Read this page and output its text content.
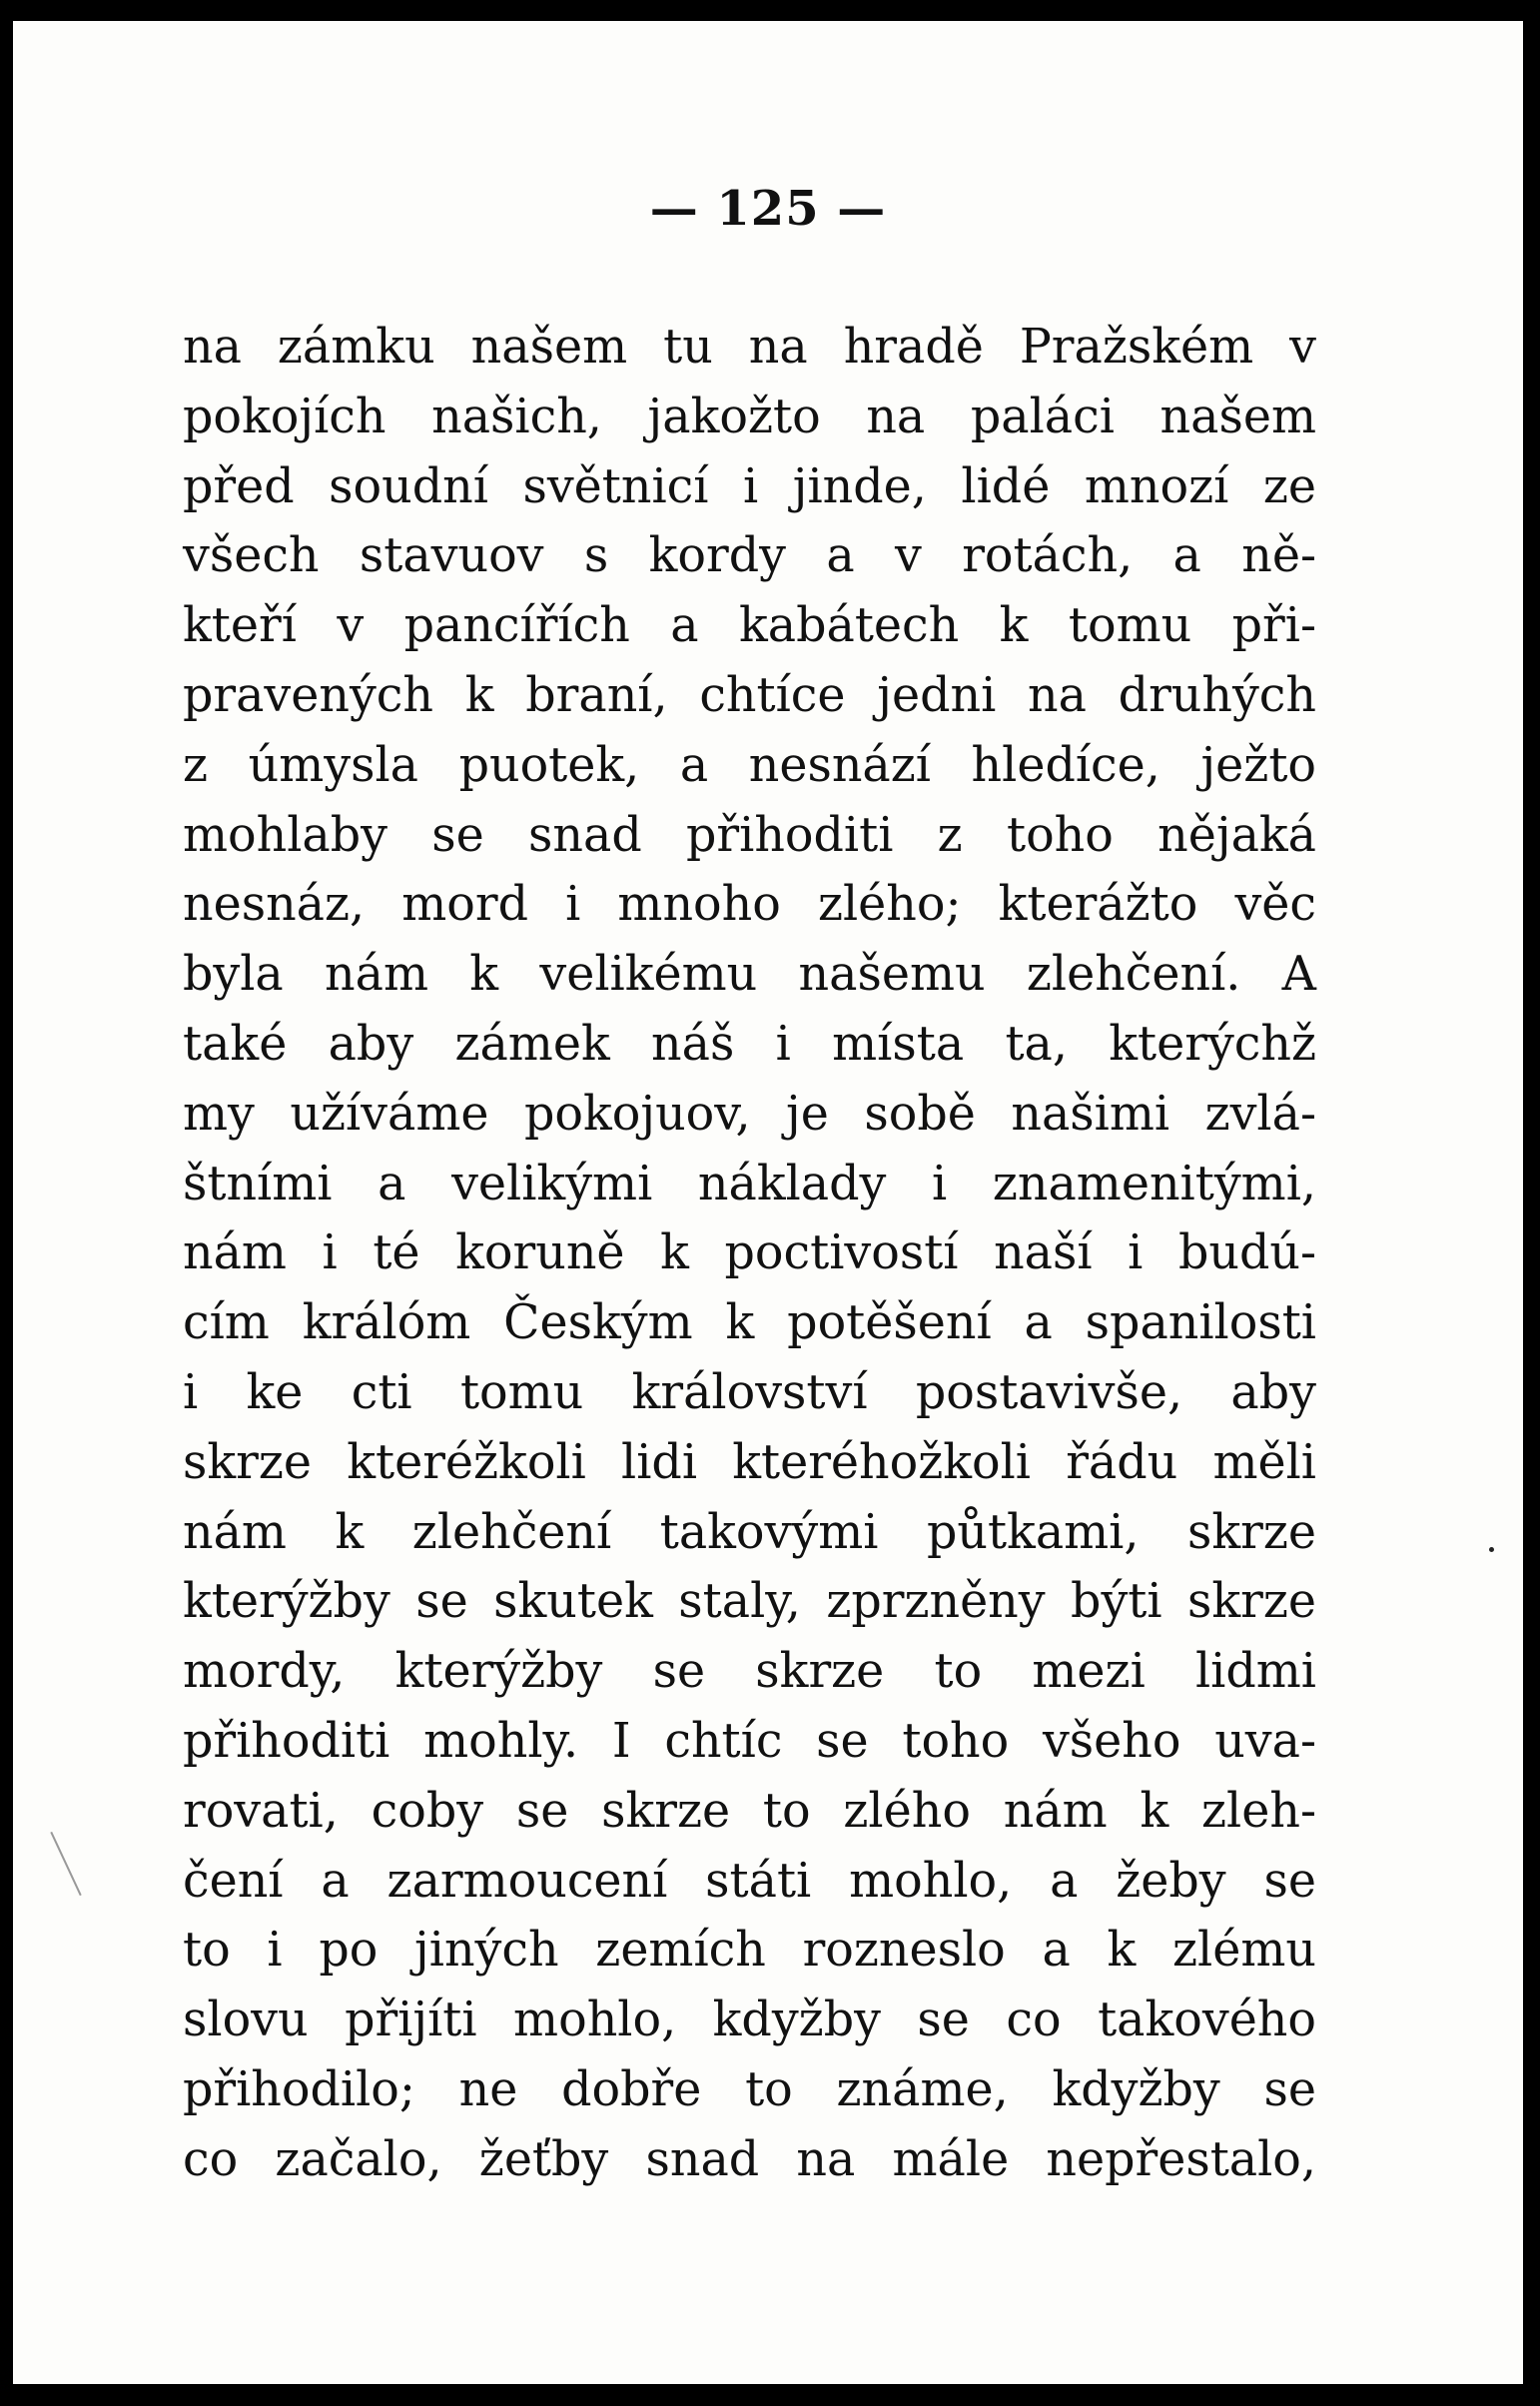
— 125 —
na zámku našem tu na hradě Pražském v
pokojích našich, jakožto na paláci našem
před soudní světnicí i jinde, lidé mnozí ze
všech stavuov s kordy a v rotách, a ně-
kteří v pancířích a kabátech k tomu při-
pravených k braní, chtíce jedni na druhých
z úmysla puotek, a nesnází hledíce, ježto
mohlaby se snad přihoditi z toho nějaká
nesnáz, mord i mnoho zlého; kterážto věc
byla nám k velikému našemu zlehčení. A
také aby zámek náš i místa ta, kterýchž
my užíváme pokojuov, je sobě našimi zvlá-
štními a velikými náklady i znamenitými,
nám i té koruně k poctivostí naší i budú-
cím králóm Českým k potěšení a spanilosti
i ke cti tomu království postavivše, aby
skrze kteréžkoli lidi kteréhožkoli řádu měli
nám k zlehčení takovými půtkami, skrze
kterýžby se skutek staly, zprzněny býti skrze
mordy, kterýžby se skrze to mezi lidmi
přihoditi mohly. I chtíc se toho všeho uva-
rovati, coby se skrze to zlého nám k zleh-
čení a zarmoucení státi mohlo, a žeby se
to i po jiných zemích rozneslo a k zlému
slovu přijíti mohlo, kdyžby se co takového
přihodilo; ne dobře to známe, kdyžby se
co začalo, žeťby snad na mále nepřestalo,
